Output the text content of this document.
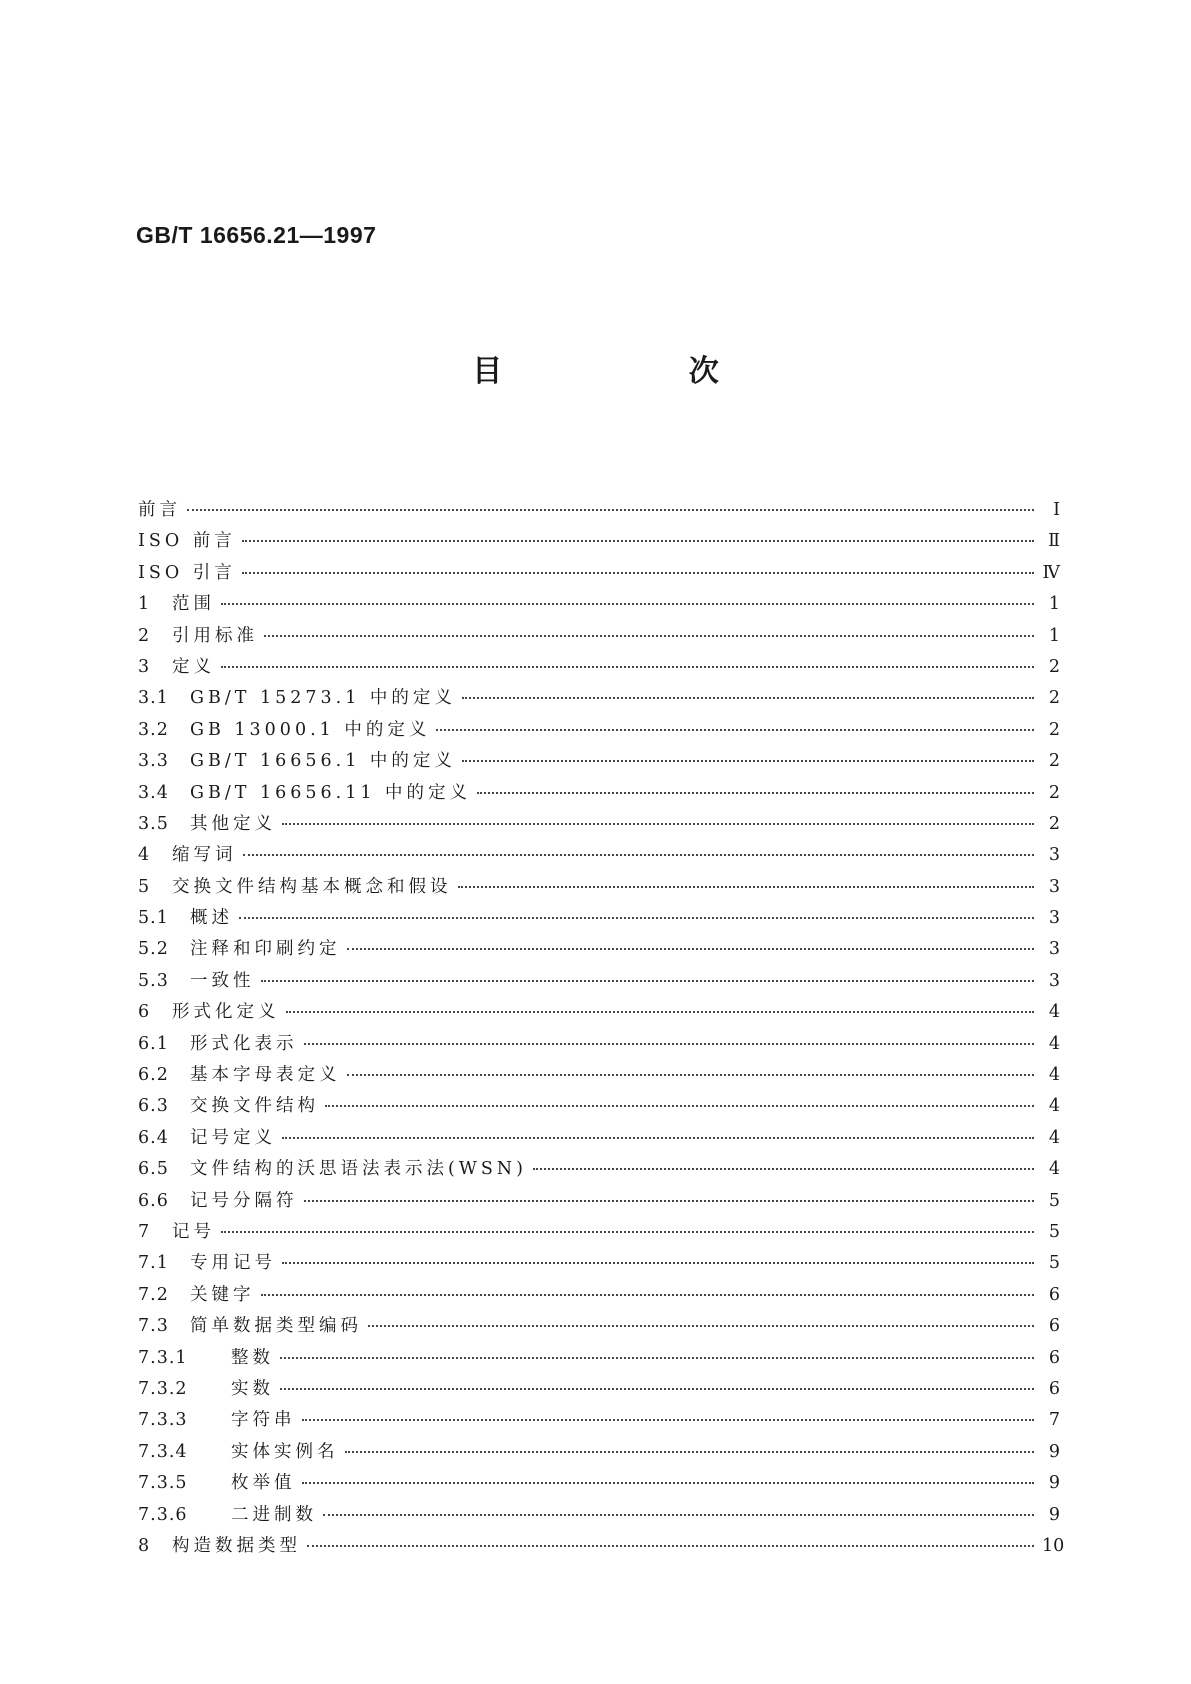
GB/T 16656.21—1997
目 次
前言	Ⅰ
ISO 前言	Ⅱ
ISO 引言	Ⅳ
1	范围	1
2	引用标准	1
3	定义	2
3.1	GB/T 15273.1 中的定义	2
3.2	GB 13000.1 中的定义	2
3.3	GB/T 16656.1 中的定义	2
3.4	GB/T 16656.11 中的定义	2
3.5	其他定义	2
4	缩写词	3
5	交换文件结构基本概念和假设	3
5.1	概述	3
5.2	注释和印刷约定	3
5.3	一致性	3
6	形式化定义	4
6.1	形式化表示	4
6.2	基本字母表定义	4
6.3	交换文件结构	4
6.4	记号定义	4
6.5	文件结构的沃思语法表示法(WSN)	4
6.6	记号分隔符	5
7	记号	5
7.1	专用记号	5
7.2	关键字	6
7.3	简单数据类型编码	6
7.3.1	整数	6
7.3.2	实数	6
7.3.3	字符串	7
7.3.4	实体实例名	9
7.3.5	枚举值	9
7.3.6	二进制数	9
8	构造数据类型	10
